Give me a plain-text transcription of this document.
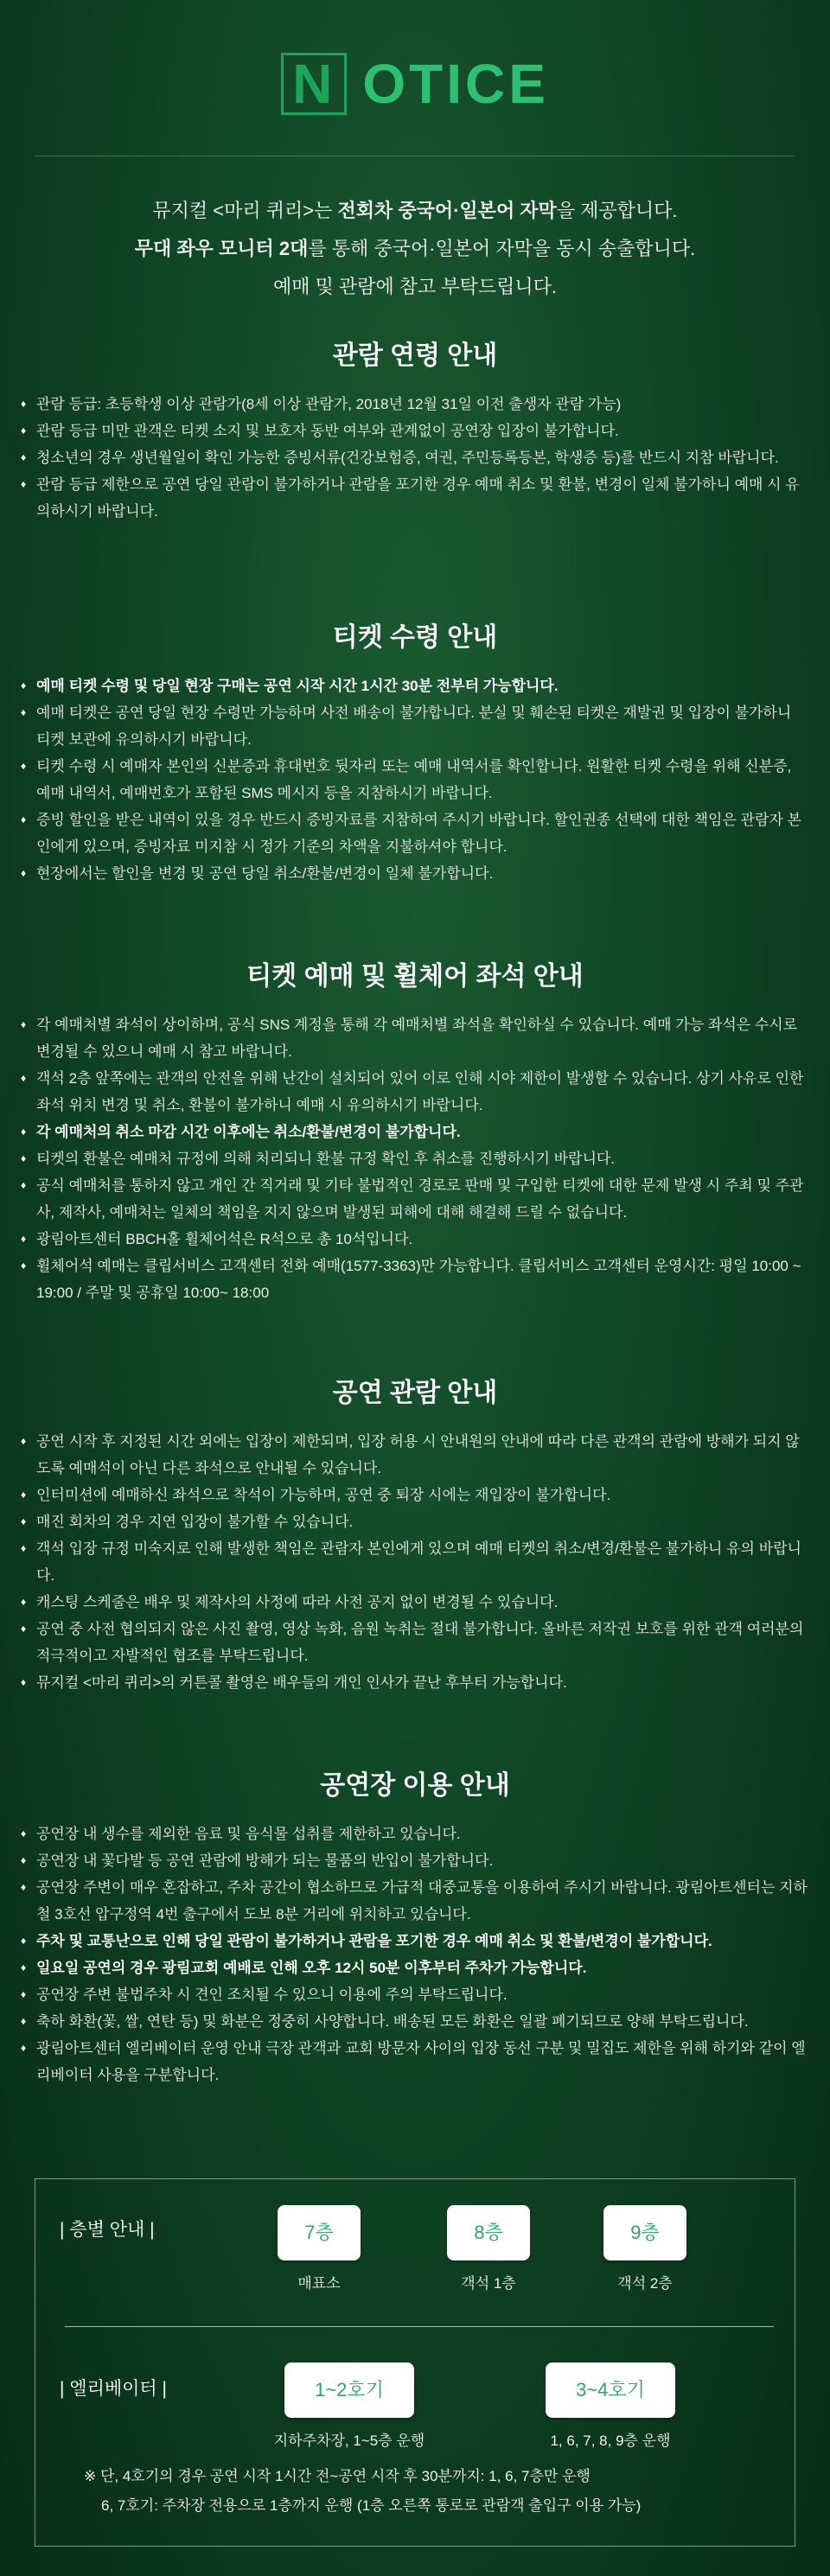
N OTICE
뮤지컬 <마리 퀴리>는 전회차 중국어·일본어 자막을 제공합니다.
무대 좌우 모니터 2대를 통해 중국어·일본어 자막을 동시 송출합니다.
예매 및 관람에 참고 부탁드립니다.
관람 연령 안내
♦ 관람 등급: 초등학생 이상 관람가(8세 이상 관람가, 2018년 12월 31일 이전 출생자 관람 가능)
♦ 관람 등급 미만 관객은 티켓 소지 및 보호자 동반 여부와 관계없이 공연장 입장이 불가합니다.
♦ 청소년의 경우 생년월일이 확인 가능한 증빙서류(건강보험증, 여권, 주민등록등본, 학생증 등)를 반드시 지참 바랍니다.
♦ 관람 등급 제한으로 공연 당일 관람이 불가하거나 관람을 포기한 경우 예매 취소 및 환불, 변경이 일체 불가하니 예매 시 유의하시기 바랍니다.
티켓 수령 안내
♦ 예매 티켓 수령 및 당일 현장 구매는 공연 시작 시간 1시간 30분 전부터 가능합니다.
♦ 예매 티켓은 공연 당일 현장 수령만 가능하며 사전 배송이 불가합니다. 분실 및 훼손된 티켓은 재발권 및 입장이 불가하니 티켓 보관에 유의하시기 바랍니다.
♦ 티켓 수령 시 예매자 본인의 신분증과 휴대번호 뒷자리 또는 예매 내역서를 확인합니다. 원활한 티켓 수령을 위해 신분증, 예매 내역서, 예매번호가 포함된 SMS 메시지 등을 지참하시기 바랍니다.
♦ 증빙 할인을 받은 내역이 있을 경우 반드시 증빙자료를 지참하여 주시기 바랍니다. 할인권종 선택에 대한 책임은 관람자 본인에게 있으며, 증빙자료 미지참 시 정가 기준의 차액을 지불하셔야 합니다.
♦ 현장에서는 할인을 변경 및 공연 당일 취소/환불/변경이 일체 불가합니다.
티켓 예매 및 휠체어 좌석 안내
♦ 각 예매처별 좌석이 상이하며, 공식 SNS 계정을 통해 각 예매처별 좌석을 확인하실 수 있습니다. 예매 가능 좌석은 수시로 변경될 수 있으니 예매 시 참고 바랍니다.
♦ 객석 2층 앞쪽에는 관객의 안전을 위해 난간이 설치되어 있어 이로 인해 시야 제한이 발생할 수 있습니다. 상기 사유로 인한 좌석 위치 변경 및 취소, 환불이 불가하니 예매 시 유의하시기 바랍니다.
♦ 각 예매처의 취소 마감 시간 이후에는 취소/환불/변경이 불가합니다.
♦ 티켓의 환불은 예매처 규정에 의해 처리되니 환불 규정 확인 후 취소를 진행하시기 바랍니다.
♦ 공식 예매처를 통하지 않고 개인 간 직거래 및 기타 불법적인 경로로 판매 및 구입한 티켓에 대한 문제 발생 시 주최 및 주관사, 제작사, 예매처는 일체의 책임을 지지 않으며 발생된 피해에 대해 해결해 드릴 수 없습니다.
♦ 광림아트센터 BBCH홀 휠체어석은 R석으로 총 10석입니다.
♦ 휠체어석 예매는 클립서비스 고객센터 전화 예매(1577-3363)만 가능합니다. 클립서비스 고객센터 운영시간: 평일 10:00 ~ 19:00 / 주말 및 공휴일 10:00~ 18:00
공연 관람 안내
♦ 공연 시작 후 지정된 시간 외에는 입장이 제한되며, 입장 허용 시 안내원의 안내에 따라 다른 관객의 관람에 방해가 되지 않도록 예매석이 아닌 다른 좌석으로 안내될 수 있습니다.
♦ 인터미션에 예매하신 좌석으로 착석이 가능하며, 공연 중 퇴장 시에는 재입장이 불가합니다.
♦ 매진 회차의 경우 지연 입장이 불가할 수 있습니다.
♦ 객석 입장 규정 미숙지로 인해 발생한 책임은 관람자 본인에게 있으며 예매 티켓의 취소/변경/환불은 불가하니 유의 바랍니다.
♦ 캐스팅 스케줄은 배우 및 제작사의 사정에 따라 사전 공지 없이 변경될 수 있습니다.
♦ 공연 중 사전 협의되지 않은 사진 촬영, 영상 녹화, 음원 녹취는 절대 불가합니다. 올바른 저작권 보호를 위한 관객 여러분의 적극적이고 자발적인 협조를 부탁드립니다.
♦ 뮤지컬 <마리 퀴리>의 커튼콜 촬영은 배우들의 개인 인사가 끝난 후부터 가능합니다.
공연장 이용 안내
♦ 공연장 내 생수를 제외한 음료 및 음식물 섭취를 제한하고 있습니다.
♦ 공연장 내 꽃다발 등 공연 관람에 방해가 되는 물품의 반입이 불가합니다.
♦ 공연장 주변이 매우 혼잡하고, 주차 공간이 협소하므로 가급적 대중교통을 이용하여 주시기 바랍니다. 광림아트센터는 지하철 3호선 압구정역 4번 출구에서 도보 8분 거리에 위치하고 있습니다.
♦ 주차 및 교통난으로 인해 당일 관람이 불가하거나 관람을 포기한 경우 예매 취소 및 환불/변경이 불가합니다.
♦ 일요일 공연의 경우 광림교회 예배로 인해 오후 12시 50분 이후부터 주차가 가능합니다.
♦ 공연장 주변 불법주차 시 견인 조치될 수 있으니 이용에 주의 부탁드립니다.
♦ 축하 화환(꽃, 쌀, 연탄 등) 및 화분은 정중히 사양합니다. 배송된 모든 화환은 일괄 폐기되므로 양해 부탁드립니다.
♦ 광림아트센터 엘리베이터 운영 안내 극장 관객과 교회 방문자 사이의 입장 동선 구분 및 밀집도 제한을 위해 하기와 같이 엘리베이터 사용을 구분합니다.
| 층별 안내 |	7층
매표소
8층
객석 1층
9층
객석 2층
| 엘리베이터 |	1~2호기
지하주차장, 1~5층 운행
3~4호기
1, 6, 7, 8, 9층 운행
※ 단, 4호기의 경우 공연 시작 1시간 전~공연 시작 후 30분까지: 1, 6, 7층만 운행
6, 7호기: 주차장 전용으로 1층까지 운행 (1층 오른쪽 통로로 관람객 출입구 이용 가능)
